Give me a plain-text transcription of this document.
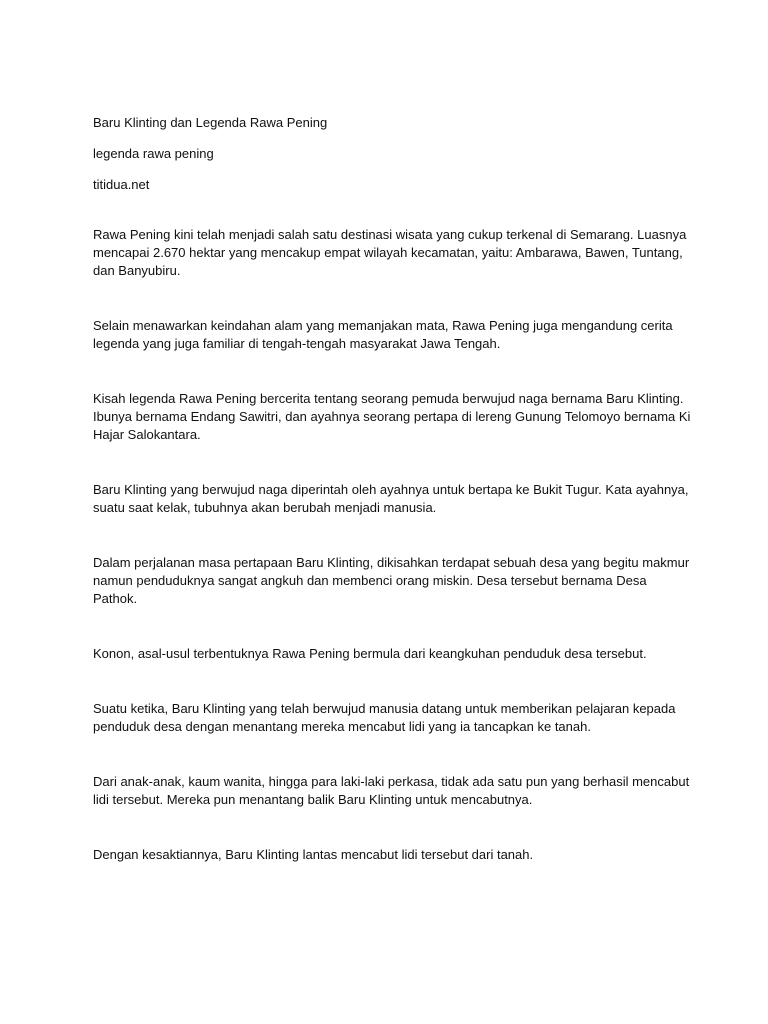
Baru Klinting dan Legenda Rawa Pening

legenda rawa pening

titidua.net

Rawa Pening kini telah menjadi salah satu destinasi wisata yang cukup terkenal di Semarang. Luasnya mencapai 2.670 hektar yang mencakup empat wilayah kecamatan, yaitu: Ambarawa, Bawen, Tuntang, dan Banyubiru.

Selain menawarkan keindahan alam yang memanjakan mata, Rawa Pening juga mengandung cerita legenda yang juga familiar di tengah-tengah masyarakat Jawa Tengah.

Kisah legenda Rawa Pening bercerita tentang seorang pemuda berwujud naga bernama Baru Klinting. Ibunya bernama Endang Sawitri, dan ayahnya seorang pertapa di lereng Gunung Telomoyo bernama Ki Hajar Salokantara.

Baru Klinting yang berwujud naga diperintah oleh ayahnya untuk bertapa ke Bukit Tugur. Kata ayahnya, suatu saat kelak, tubuhnya akan berubah menjadi manusia.

Dalam perjalanan masa pertapaan Baru Klinting, dikisahkan terdapat sebuah desa yang begitu makmur namun penduduknya sangat angkuh dan membenci orang miskin. Desa tersebut bernama Desa Pathok.

Konon, asal-usul terbentuknya Rawa Pening bermula dari keangkuhan penduduk desa tersebut.

Suatu ketika, Baru Klinting yang telah berwujud manusia datang untuk memberikan pelajaran kepada penduduk desa dengan menantang mereka mencabut lidi yang ia tancapkan ke tanah.

Dari anak-anak, kaum wanita, hingga para laki-laki perkasa, tidak ada satu pun yang berhasil mencabut lidi tersebut. Mereka pun menantang balik Baru Klinting untuk mencabutnya.

Dengan kesaktiannya, Baru Klinting lantas mencabut lidi tersebut dari tanah.
